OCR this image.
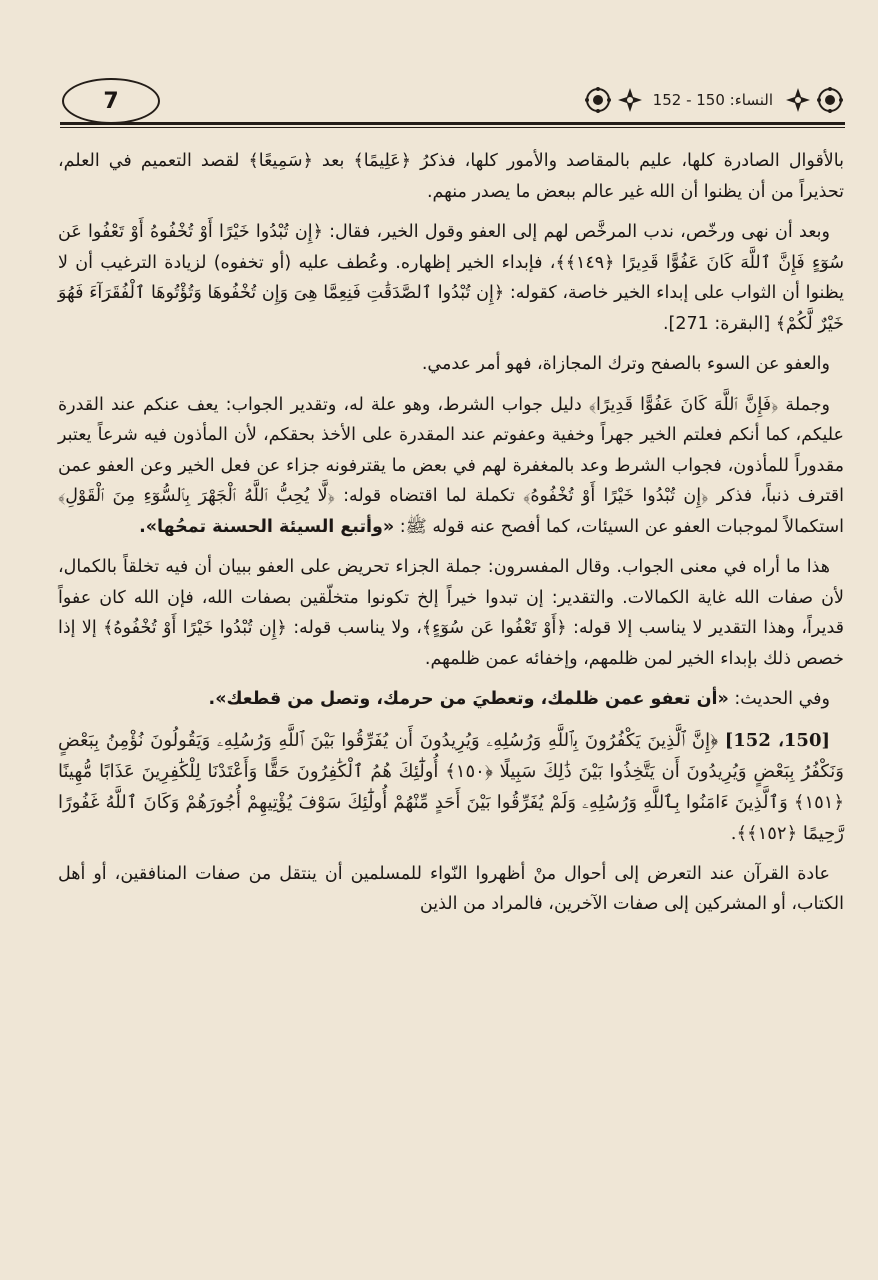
7	النساء: 150 - 152

بالأقوال الصادرة كلها، عليم بالمقاصد والأمور كلها، فذكرُ ﴿عَلِيمًا﴾ بعد ﴿سَمِيعًا﴾ لقصد التعميم في العلم، تحذيراً من أن يظنوا أن الله غير عالم ببعض ما يصدر منهم.

وبعد أن نهى ورخّص، ندب المرخَّص لهم إلى العفو وقول الخير، فقال: ﴿إِن تُبْدُوا خَيْرًا أَوْ تُخْفُوهُ أَوْ تَعْفُوا عَن سُوٓءٍ فَإِنَّ ٱللَّهَ كَانَ عَفُوًّا قَدِيرًا ﴿١٤٩﴾﴾، فإبداء الخير إظهاره. وعُطف عليه (أو تخفوه) لزيادة الترغيب أن لا يظنوا أن الثواب على إبداء الخير خاصة، كقوله: ﴿إِن تُبْدُوا ٱلصَّدَقَٰتِ فَنِعِمَّا هِىَ وَإِن تُخْفُوهَا وَتُؤْتُوهَا ٱلْفُقَرَآءَ فَهُوَ خَيْرٌ لَّكُمْ﴾ [البقرة: 271].

والعفو عن السوء بالصفح وترك المجازاة، فهو أمر عدمي.

وجملة ﴿فَإِنَّ ٱللَّهَ كَانَ عَفُوًّا قَدِيرًا﴾ دليل جواب الشرط، وهو علة له، وتقدير الجواب: يعف عنكم عند القدرة عليكم، كما أنكم فعلتم الخير جهراً وخفية وعفوتم عند المقدرة على الأخذ بحقكم، لأن المأذون فيه شرعاً يعتبر مقدوراً للمأذون، فجواب الشرط وعد بالمغفرة لهم في بعض ما يقترفونه جزاء عن فعل الخير وعن العفو عمن اقترف ذنباً، فذكر ﴿إِن تُبْدُوا خَيْرًا أَوْ تُخْفُوهُ﴾ تكملة لما اقتضاه قوله: ﴿لَّا يُحِبُّ ٱللَّهُ ٱلْجَهْرَ بِٱلسُّوٓءِ مِنَ ٱلْقَوْلِ﴾ استكمالاً لموجبات العفو عن السيئات، كما أفصح عنه قوله ﷺ: «وأتبع السيئة الحسنة تمحُها».

هذا ما أراه في معنى الجواب. وقال المفسرون: جملة الجزاء تحريض على العفو ببيان أن فيه تخلقاً بالكمال، لأن صفات الله غاية الكمالات. والتقدير: إن تبدوا خيراً إلخ تكونوا متخلّقين بصفات الله، فإن الله كان عفواً قديراً، وهذا التقدير لا يناسب إلا قوله: ﴿أَوْ تَعْفُوا عَن سُوٓءٍ﴾، ولا يناسب قوله: ﴿إِن تُبْدُوا خَيْرًا أَوْ تُخْفُوهُ﴾ إلا إذا خصص ذلك بإبداء الخير لمن ظلمهم، وإخفائه عمن ظلمهم.

وفي الحديث: «أن تعفو عمن ظلمك، وتعطيَ من حرمك، وتصل من قطعك».

[150، 152] ﴿إِنَّ ٱلَّذِينَ يَكْفُرُونَ بِٱللَّهِ وَرُسُلِهِۦ وَيُرِيدُونَ أَن يُفَرِّقُوا بَيْنَ ٱللَّهِ وَرُسُلِهِۦ وَيَقُولُونَ نُؤْمِنُ بِبَعْضٍ وَنَكْفُرُ بِبَعْضٍ وَيُرِيدُونَ أَن يَتَّخِذُوا بَيْنَ ذَٰلِكَ سَبِيلًا ﴿١٥٠﴾ أُولَٰٓئِكَ هُمُ ٱلْكَٰفِرُونَ حَقًّا وَأَعْتَدْنَا لِلْكَٰفِرِينَ عَذَابًا مُّهِينًا ﴿١٥١﴾ وَٱلَّذِينَ ءَامَنُوا بِٱللَّهِ وَرُسُلِهِۦ وَلَمْ يُفَرِّقُوا بَيْنَ أَحَدٍ مِّنْهُمْ أُولَٰٓئِكَ سَوْفَ يُؤْتِيهِمْ أُجُورَهُمْ وَكَانَ ٱللَّهُ غَفُورًا رَّحِيمًا ﴿١٥٢﴾﴾.

عادة القرآن عند التعرض إلى أحوال منْ أظهروا النّواء للمسلمين أن ينتقل من صفات المنافقين، أو أهل الكتاب، أو المشركين إلى صفات الآخرين، فالمراد من الذين
